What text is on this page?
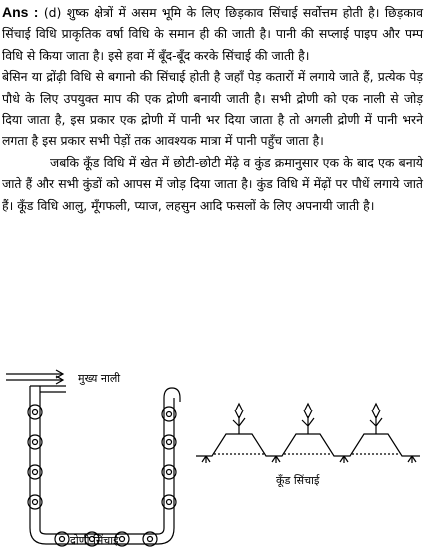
Ans : (d) शुष्क क्षेत्रों में असम भूमि के लिए छिड़काव सिंचाई सर्वोत्तम होती है। छिड़काव सिंचाई विधि प्राकृतिक वर्षा विधि के समान ही की जाती है। पानी की सप्लाई पाइप और पम्प विधि से किया जाता है। इसे हवा में बूँद-बूँद करके सिंचाई की जाती है।

बेसिन या द्रोंढ़ी विधि से बगानो की सिंचाई होती है जहाँ पेड़ कतारों में लगाये जाते हैं, प्रत्येक पेड़ पौधे के लिए उपयुक्त माप की एक द्रोणी बनायी जाती है। सभी द्रोणी को एक नाली से जोड़ दिया जाता है, इस प्रकार एक द्रोणी में पानी भर दिया जाता है तो अगली द्रोणी में पानी भरने लगता है इस प्रकार सभी पेड़ों तक आवश्यक मात्रा में पानी पहुँच जाता है।

जबकि कूँड विधि में खेत में छोटी-छोटी मेंढ़े व कुंड क्रमानुसार एक के बाद एक बनाये जाते हैं और सभी कुंडों को आपस में जोड़ दिया जाता है। कुंड विधि में मेंढ़ों पर पौधें लगाये जाते हैं। कूँड विधि आलु, मूँगफली, प्याज, लहसुन आदि फसलों के लिए अपनायी जाती है।

मुख्य नाली
द्रोणी सिंचाई
कूँड सिंचाई
